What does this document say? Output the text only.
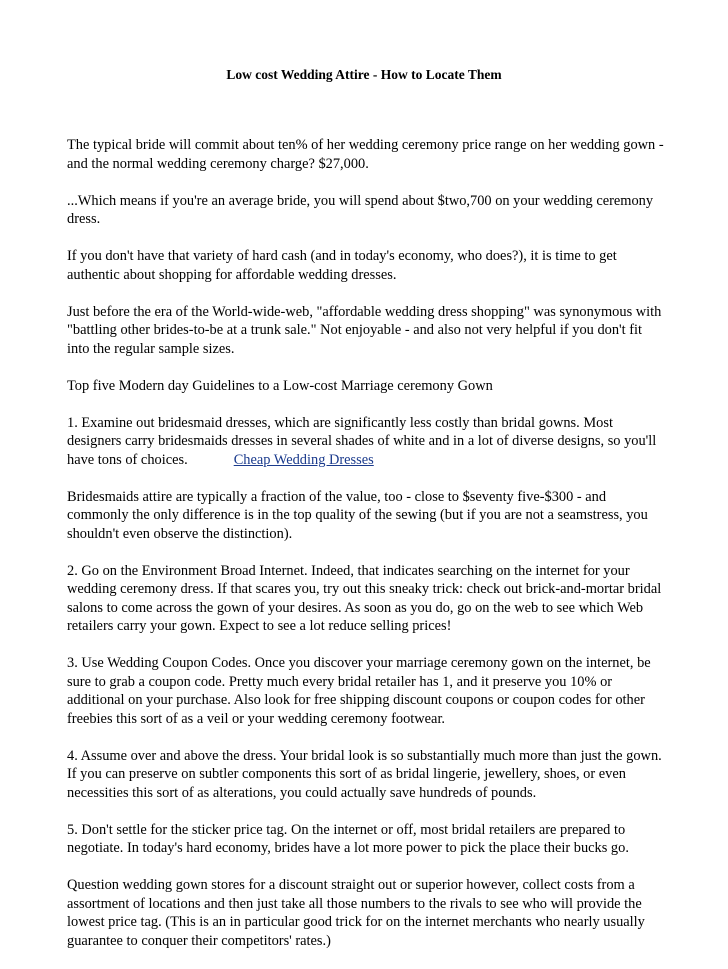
Low cost Wedding Attire - How to Locate Them

The typical bride will commit about ten% of her wedding ceremony price range on her wedding gown -
and the normal wedding ceremony charge? $27,000.

...Which means if you're an average bride, you will spend about $two,700 on your wedding ceremony
dress.

If you don't have that variety of hard cash (and in today's economy, who does?), it is time to get
authentic about shopping for affordable wedding dresses.

Just before the era of the World-wide-web, "affordable wedding dress shopping" was synonymous with
"battling other brides-to-be at a trunk sale." Not enjoyable - and also not very helpful if you don't fit
into the regular sample sizes.

Top five Modern day Guidelines to a Low-cost Marriage ceremony Gown

1. Examine out bridesmaid dresses, which are significantly less costly than bridal gowns. Most
designers carry bridesmaids dresses in several shades of white and in a lot of diverse designs, so you'll
have tons of choices.	Cheap Wedding Dresses

Bridesmaids attire are typically a fraction of the value, too - close to $seventy five-$300 - and
commonly the only difference is in the top quality of the sewing (but if you are not a seamstress, you
shouldn't even observe the distinction).

2. Go on the Environment Broad Internet. Indeed, that indicates searching on the internet for your
wedding ceremony dress. If that scares you, try out this sneaky trick: check out brick-and-mortar bridal
salons to come across the gown of your desires. As soon as you do, go on the web to see which Web
retailers carry your gown. Expect to see a lot reduce selling prices!

3. Use Wedding Coupon Codes. Once you discover your marriage ceremony gown on the internet, be
sure to grab a coupon code. Pretty much every bridal retailer has 1, and it preserve you 10% or
additional on your purchase. Also look for free shipping discount coupons or coupon codes for other
freebies this sort of as a veil or your wedding ceremony footwear.

4. Assume over and above the dress. Your bridal look is so substantially much more than just the gown.
If you can preserve on subtler components this sort of as bridal lingerie, jewellery, shoes, or even
necessities this sort of as alterations, you could actually save hundreds of pounds.

5. Don't settle for the sticker price tag. On the internet or off, most bridal retailers are prepared to
negotiate. In today's hard economy, brides have a lot more power to pick the place their bucks go.

Question wedding gown stores for a discount straight out or superior however, collect costs from a
assortment of locations and then just take all those numbers to the rivals to see who will provide the
lowest price tag. (This is an in particular good trick for on the internet merchants who nearly usually
guarantee to conquer their competitors' rates.)
